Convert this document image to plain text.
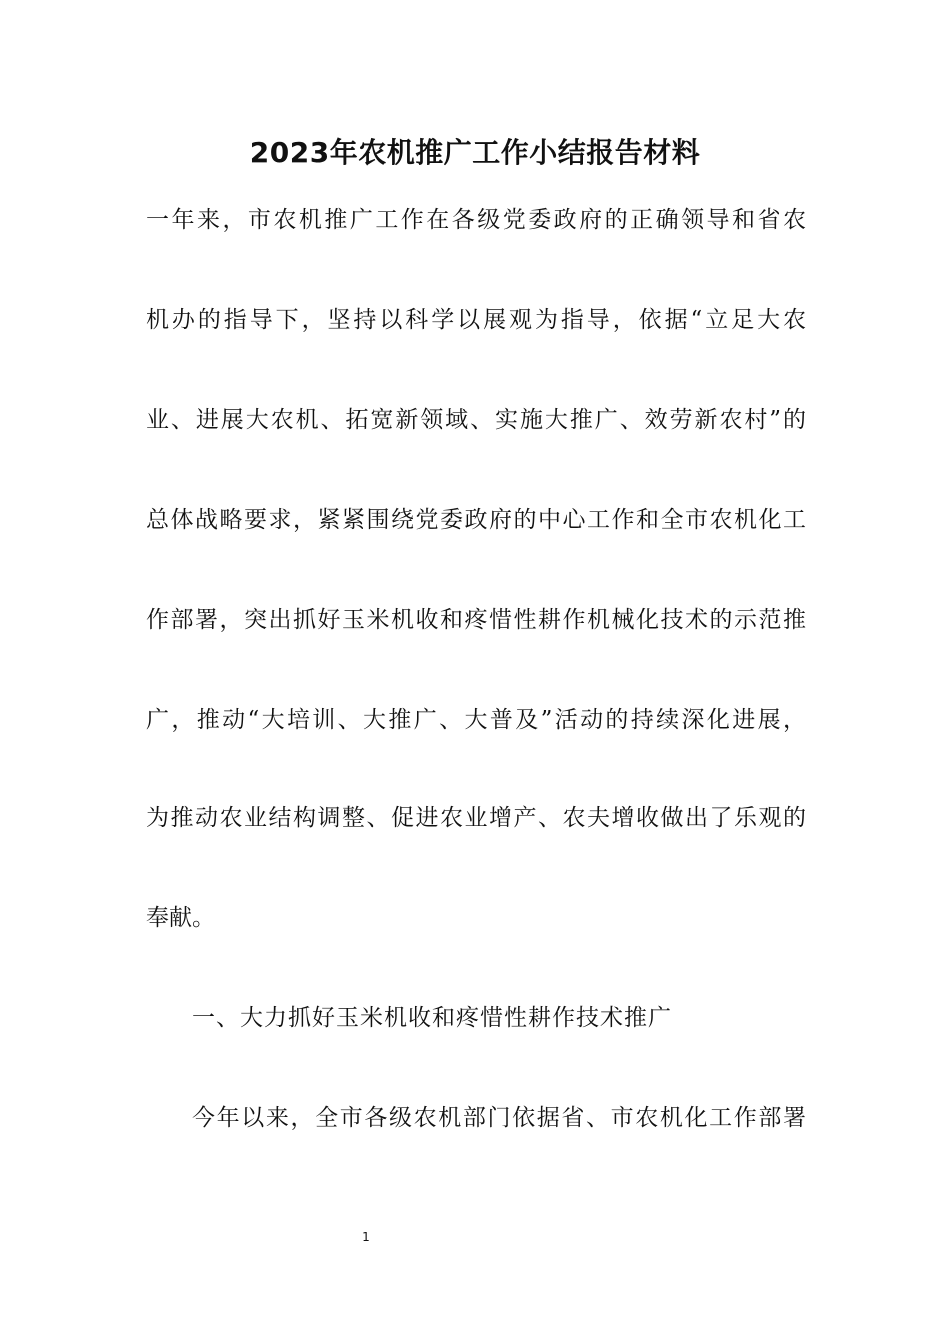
2023年农机推广工作小结报告材料
一年来，市农机推广工作在各级党委政府的正确领导和省农
机办的指导下，坚持以科学以展观为指导，依据“立足大农
业、进展大农机、拓宽新领域、实施大推广、效劳新农村”的
总体战略要求，紧紧围绕党委政府的中心工作和全市农机化工
作部署，突出抓好玉米机收和疼惜性耕作机械化技术的示范推
广，推动“大培训、大推广、大普及”活动的持续深化进展，
为推动农业结构调整、促进农业增产、农夫增收做出了乐观的
奉献。
一、大力抓好玉米机收和疼惜性耕作技术推广
今年以来，全市各级农机部门依据省、市农机化工作部署
1
